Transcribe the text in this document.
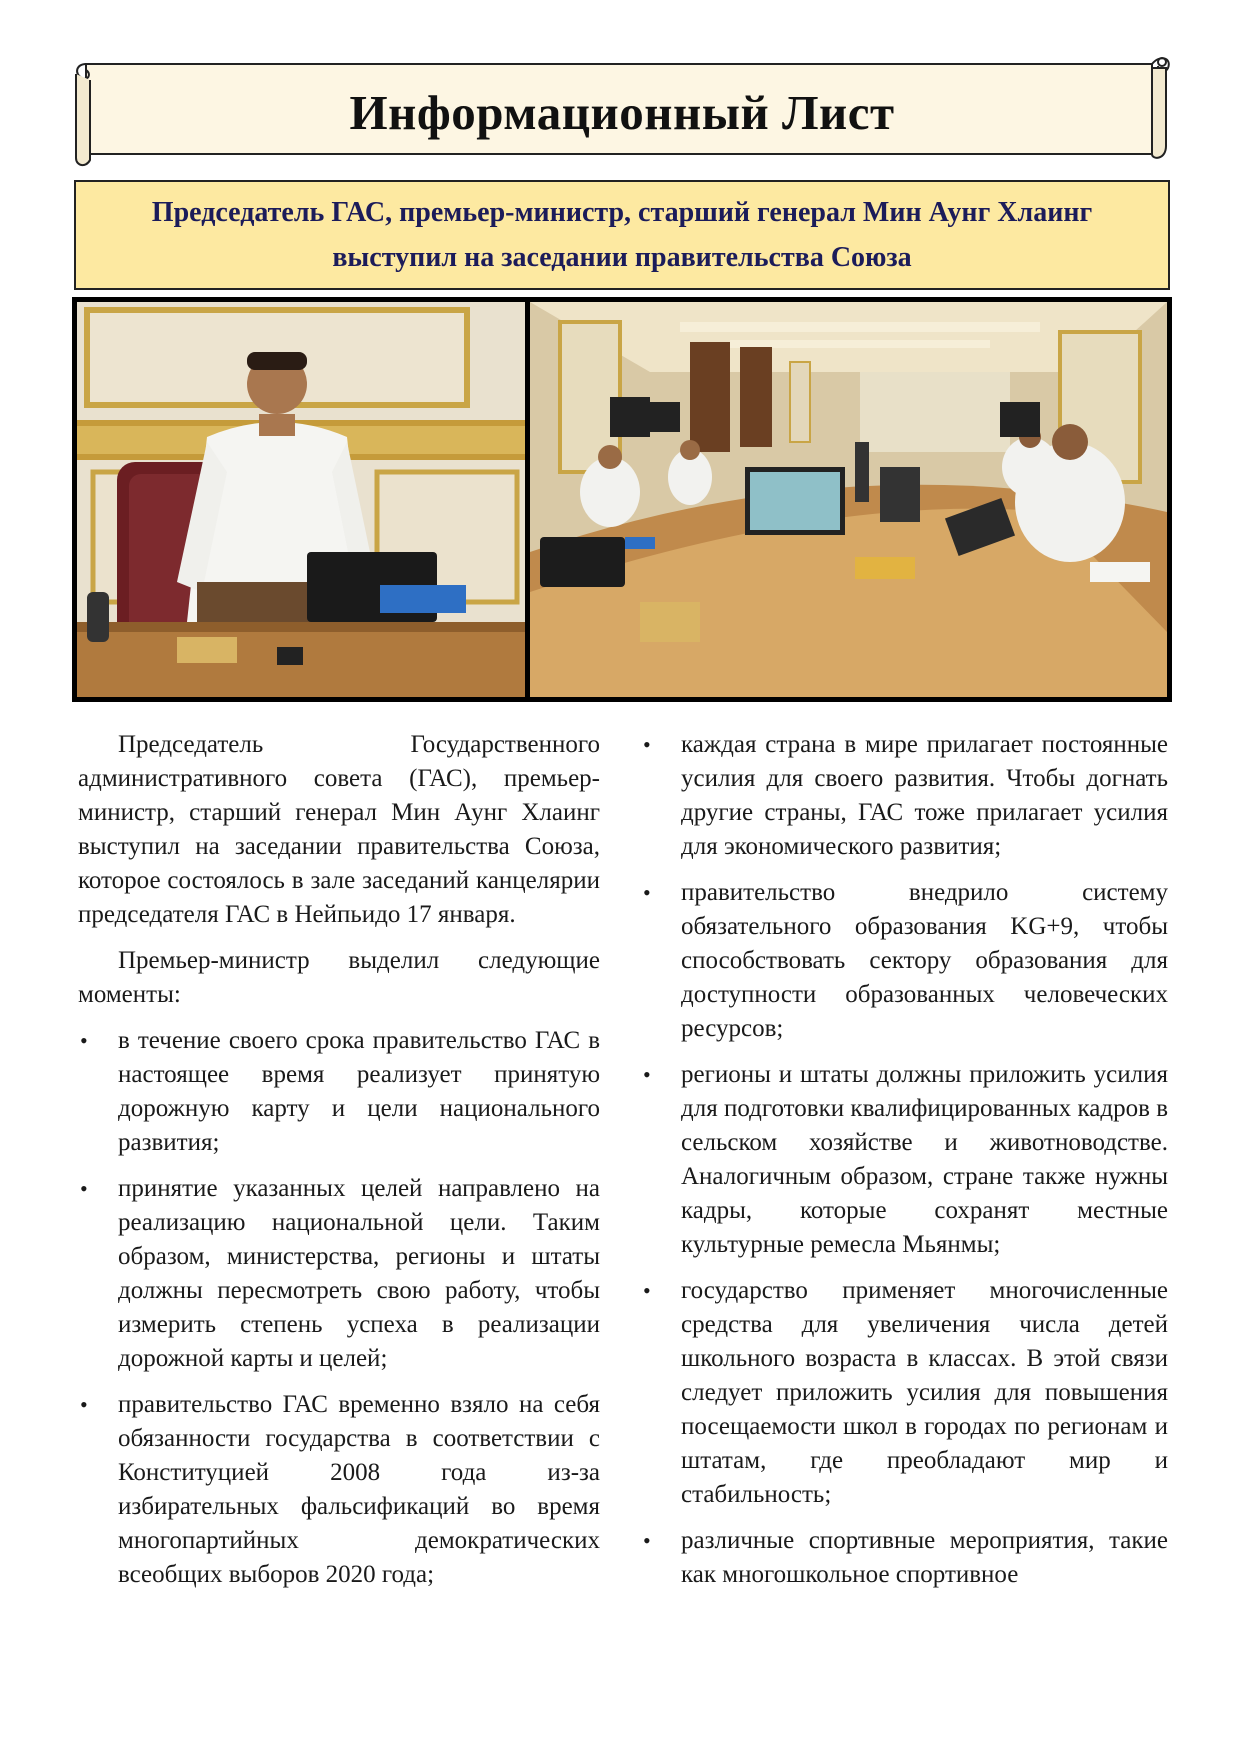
Информационный Лист
Председатель ГАС, премьер-министр, старший генерал Мин Аунг Хлаинг выступил на заседании правительства Союза

Председатель Государственного административного совета (ГАС), премьер-министр, старший генерал Мин Аунг Хлаинг выступил на заседании правительства Союза, которое состоялось в зале заседаний канцелярии председателя ГАС в Нейпьидо 17 января.

Премьер-министр выделил следующие моменты:

• в течение своего срока правительство ГАС в настоящее время реализует принятую дорожную карту и цели национального развития;
• принятие указанных целей направлено на реализацию национальной цели. Таким образом, министерства, регионы и штаты должны пересмотреть свою работу, чтобы измерить степень успеха в реализации дорожной карты и целей;
• правительство ГАС временно взяло на себя обязанности государства в соответствии с Конституцией 2008 года из-за избирательных фальсификаций во время многопартийных демократических всеобщих выборов 2020 года;
• каждая страна в мире прилагает постоянные усилия для своего развития. Чтобы догнать другие страны, ГАС тоже прилагает усилия для экономического развития;
• правительство внедрило систему обязательного образования KG+9, чтобы способствовать сектору образования для доступности образованных человеческих ресурсов;
• регионы и штаты должны приложить усилия для подготовки квалифицированных кадров в сельском хозяйстве и животноводстве. Аналогичным образом, стране также нужны кадры, которые сохранят местные культурные ремесла Мьянмы;
• государство применяет многочисленные средства для увеличения числа детей школьного возраста в классах. В этой связи следует приложить усилия для повышения посещаемости школ в городах по регионам и штатам, где преобладают мир и стабильность;
• различные спортивные мероприятия, такие как многошкольное спортивное
